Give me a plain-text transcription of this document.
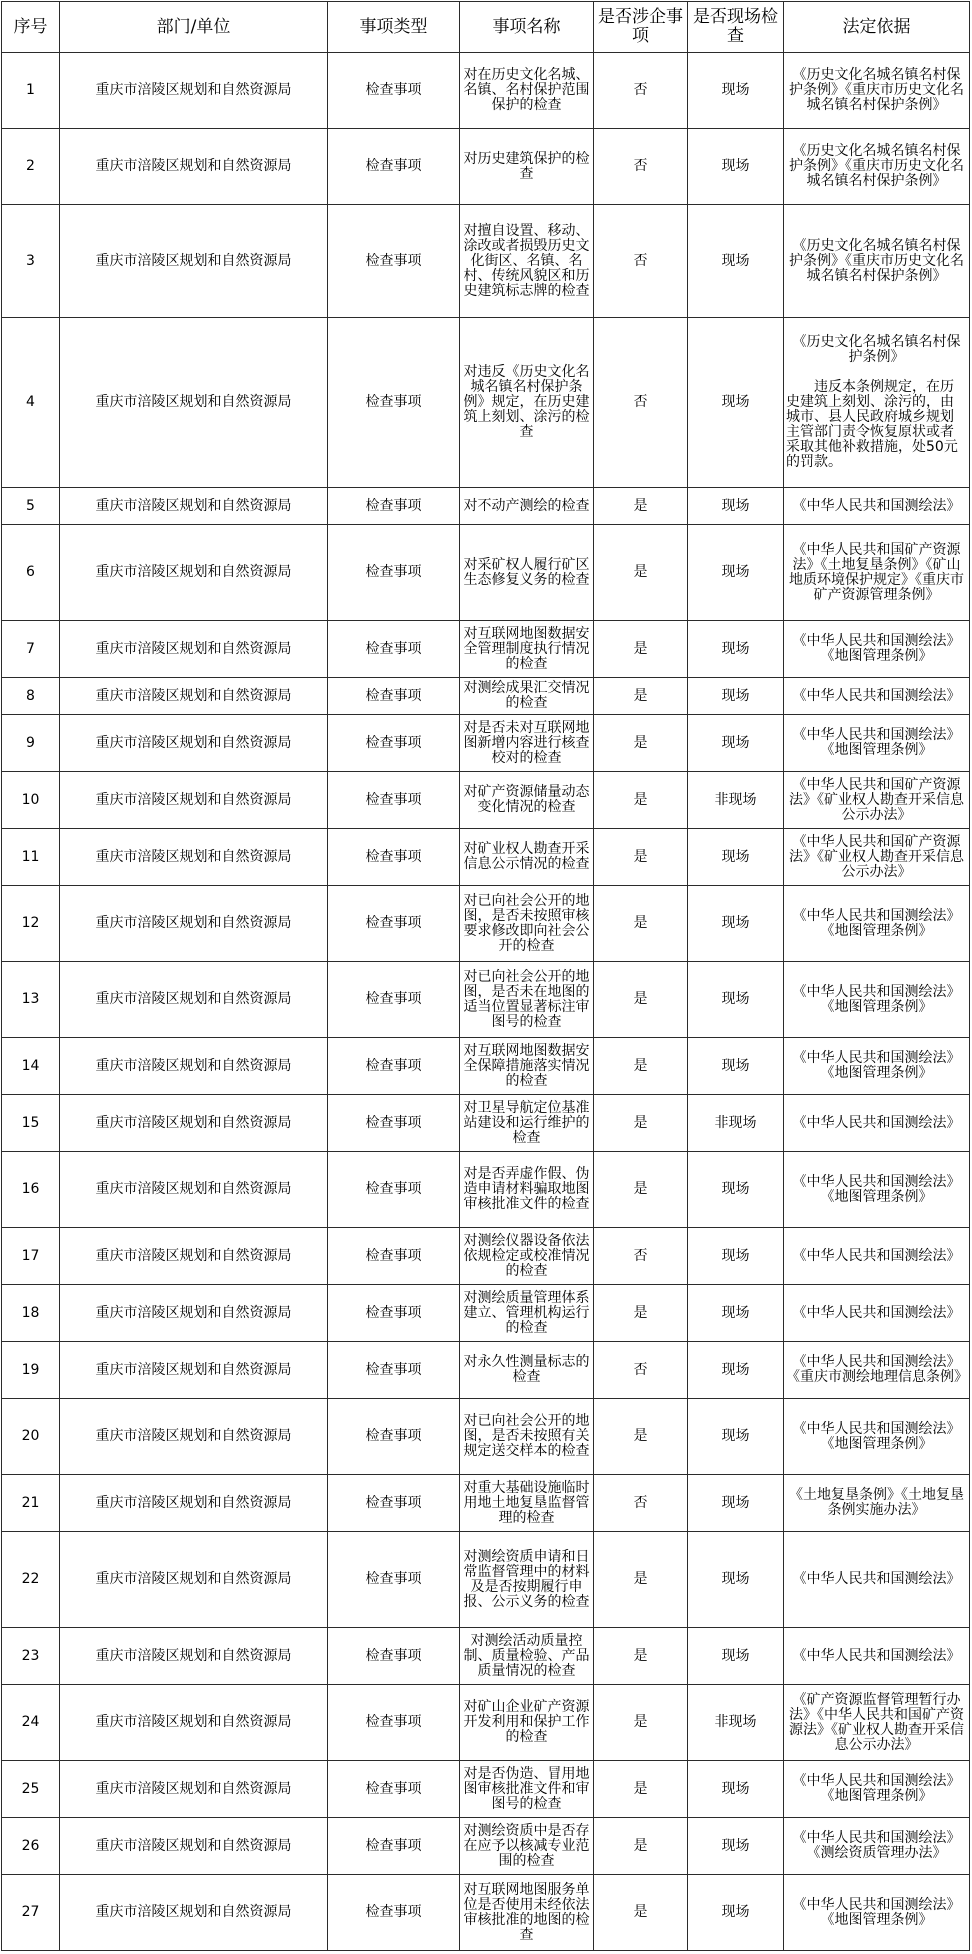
序号	部门/单位	事项类型	事项名称	是否涉企事项	是否现场检查	法定依据
1	重庆市涪陵区规划和自然资源局	检查事项	对在历史文化名城、名镇、名村保护范围保护的检查	否	现场	《历史文化名城名镇名村保护条例》《重庆市历史文化名城名镇名村保护条例》
2	重庆市涪陵区规划和自然资源局	检查事项	对历史建筑保护的检查	否	现场	《历史文化名城名镇名村保护条例》《重庆市历史文化名城名镇名村保护条例》
3	重庆市涪陵区规划和自然资源局	检查事项	对擅自设置、移动、涂改或者损毁历史文化街区、名镇、名村、传统风貌区和历史建筑标志牌的检查	否	现场	《历史文化名城名镇名村保护条例》《重庆市历史文化名城名镇名村保护条例》
4	重庆市涪陵区规划和自然资源局	检查事项	对违反《历史文化名城名镇名村保护条例》规定，在历史建筑上刻划、涂污的检查	否	现场	《历史文化名城名镇名村保护条例》
违反本条例规定，在历史建筑上刻划、涂污的，由城市、县人民政府城乡规划主管部门责令恢复原状或者采取其他补救措施，处50元的罚款。

5	重庆市涪陵区规划和自然资源局	检查事项	对不动产测绘的检查	是	现场	《中华人民共和国测绘法》
6	重庆市涪陵区规划和自然资源局	检查事项	对采矿权人履行矿区生态修复义务的检查	是	现场	《中华人民共和国矿产资源法》《土地复垦条例》《矿山地质环境保护规定》《重庆市矿产资源管理条例》
7	重庆市涪陵区规划和自然资源局	检查事项	对互联网地图数据安全管理制度执行情况的检查	是	现场	《中华人民共和国测绘法》《地图管理条例》
8	重庆市涪陵区规划和自然资源局	检查事项	对测绘成果汇交情况的检查	是	现场	《中华人民共和国测绘法》
9	重庆市涪陵区规划和自然资源局	检查事项	对是否未对互联网地图新增内容进行核查校对的检查	是	现场	《中华人民共和国测绘法》《地图管理条例》
10	重庆市涪陵区规划和自然资源局	检查事项	对矿产资源储量动态变化情况的检查	是	非现场	《中华人民共和国矿产资源法》《矿业权人勘查开采信息公示办法》
11	重庆市涪陵区规划和自然资源局	检查事项	对矿业权人勘查开采信息公示情况的检查	是	现场	《中华人民共和国矿产资源法》《矿业权人勘查开采信息公示办法》
12	重庆市涪陵区规划和自然资源局	检查事项	对已向社会公开的地图，是否未按照审核要求修改即向社会公开的检查	是	现场	《中华人民共和国测绘法》《地图管理条例》
13	重庆市涪陵区规划和自然资源局	检查事项	对已向社会公开的地图，是否未在地图的适当位置显著标注审图号的检查	是	现场	《中华人民共和国测绘法》《地图管理条例》
14	重庆市涪陵区规划和自然资源局	检查事项	对互联网地图数据安全保障措施落实情况的检查	是	现场	《中华人民共和国测绘法》《地图管理条例》
15	重庆市涪陵区规划和自然资源局	检查事项	对卫星导航定位基准站建设和运行维护的检查	是	非现场	《中华人民共和国测绘法》
16	重庆市涪陵区规划和自然资源局	检查事项	对是否弄虚作假、伪造申请材料骗取地图审核批准文件的检查	是	现场	《中华人民共和国测绘法》《地图管理条例》
17	重庆市涪陵区规划和自然资源局	检查事项	对测绘仪器设备依法依规检定或校准情况的检查	否	现场	《中华人民共和国测绘法》
18	重庆市涪陵区规划和自然资源局	检查事项	对测绘质量管理体系建立、管理机构运行的检查	是	现场	《中华人民共和国测绘法》
19	重庆市涪陵区规划和自然资源局	检查事项	对永久性测量标志的检查	否	现场	《中华人民共和国测绘法》《重庆市测绘地理信息条例》
20	重庆市涪陵区规划和自然资源局	检查事项	对已向社会公开的地图，是否未按照有关规定送交样本的检查	是	现场	《中华人民共和国测绘法》《地图管理条例》
21	重庆市涪陵区规划和自然资源局	检查事项	对重大基础设施临时用地土地复垦监督管理的检查	否	现场	《土地复垦条例》《土地复垦条例实施办法》
22	重庆市涪陵区规划和自然资源局	检查事项	对测绘资质申请和日常监督管理中的材料及是否按期履行申报、公示义务的检查	是	现场	《中华人民共和国测绘法》
23	重庆市涪陵区规划和自然资源局	检查事项	对测绘活动质量控制、质量检验、产品质量情况的检查	是	现场	《中华人民共和国测绘法》
24	重庆市涪陵区规划和自然资源局	检查事项	对矿山企业矿产资源开发利用和保护工作的检查	是	非现场	《矿产资源监督管理暂行办法》《中华人民共和国矿产资源法》《矿业权人勘查开采信息公示办法》
25	重庆市涪陵区规划和自然资源局	检查事项	对是否伪造、冒用地图审核批准文件和审图号的检查	是	现场	《中华人民共和国测绘法》《地图管理条例》
26	重庆市涪陵区规划和自然资源局	检查事项	对测绘资质中是否存在应予以核减专业范围的检查	是	现场	《中华人民共和国测绘法》《测绘资质管理办法》
27	重庆市涪陵区规划和自然资源局	检查事项	对互联网地图服务单位是否使用未经依法审核批准的地图的检查	是	现场	《中华人民共和国测绘法》《地图管理条例》
